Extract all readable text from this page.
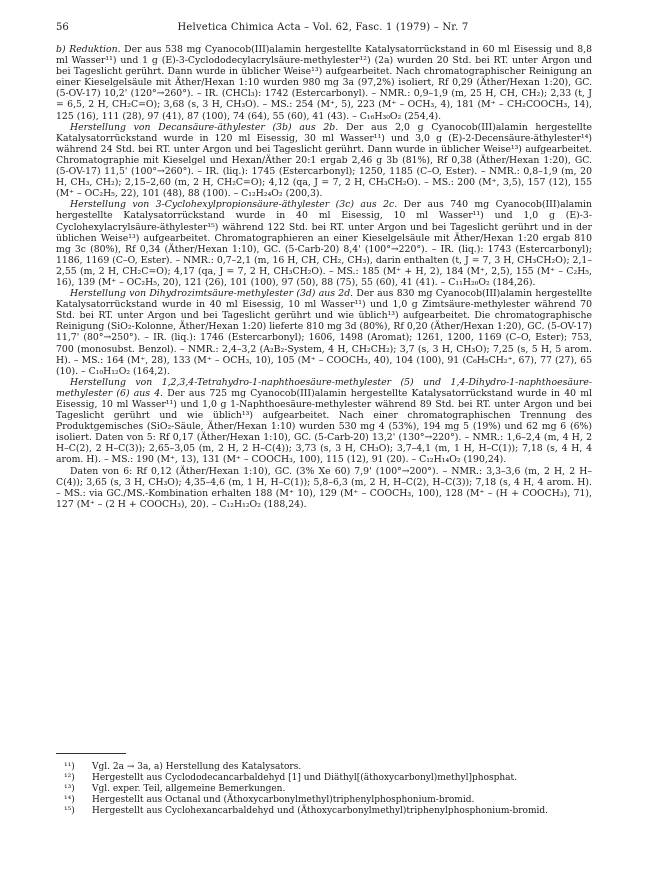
56	Helvetica Chimica Acta – Vol. 62, Fasc. 1 (1979) – Nr. 7

b) Reduktion. Der aus 538 mg Cyanocob(III)alamin hergestellte Katalysatorrückstand in 60 ml Eisessig und 8,8 ml Wasser¹¹) und 1 g (E)-3-Cyclododecylacrylsäure-methylester¹²) (2a) wurden 20 Std. bei RT. unter Argon und bei Tageslicht gerührt. Dann wurde in üblicher Weise¹³) aufgearbeitet. Nach chromatographischer Reinigung an einer Kieselgelsäule mit Äther/Hexan 1:10 wurden 980 mg 3a (97,2%) isoliert, Rf 0,29 (Äther/Hexan 1:20), GC. (5-OV-17) 10,2' (120°→260°). – IR. (CHCl₃): 1742 (Estercarbonyl). – NMR.: 0,9–1,9 (m, 25 H, CH, CH₂); 2,33 (t, J = 6,5, 2 H, CH₂C=O); 3,68 (s, 3 H, CH₃O). – MS.: 254 (M⁺, 5), 223 (M⁺ – OCH₃, 4), 181 (M⁺ – CH₂COOCH₃, 14), 125 (16), 111 (28), 97 (41), 87 (100), 74 (64), 55 (60), 41 (43). – C₁₆H₃₀O₂ (254,4).

Herstellung von Decansäure-äthylester (3b) aus 2b. Der aus 2,0 g Cyanocob(III)alamin hergestellte Katalysatorrückstand wurde in 120 ml Eisessig, 30 ml Wasser¹¹) und 3,0 g (E)-2-Decensäure-äthylester¹⁴) während 24 Std. bei RT. unter Argon und bei Tageslicht gerührt. Dann wurde in üblicher Weise¹³) aufgearbeitet. Chromatographie mit Kieselgel und Hexan/Äther 20:1 ergab 2,46 g 3b (81%), Rf 0,38 (Äther/Hexan 1:20), GC. (5-OV-17) 11,5' (100°→260°). – IR. (liq.): 1745 (Estercarbonyl); 1250, 1185 (C–O, Ester). – NMR.: 0,8–1,9 (m, 20 H, CH₃, CH₂); 2,15–2,60 (m, 2 H, CH₂C=O); 4,12 (qa, J = 7, 2 H, CH₃CH₂O). – MS.: 200 (M⁺, 3,5), 157 (12), 155 (M⁺ – OC₂H₅, 22), 101 (48), 88 (100). – C₁₂H₂₄O₂ (200,3).

Herstellung von 3-Cyclohexylpropionsäure-äthylester (3c) aus 2c. Der aus 740 mg Cyanocob(III)alamin hergestellte Katalysatorrückstand wurde in 40 ml Eisessig, 10 ml Wasser¹¹) und 1,0 g (E)-3-Cyclohexylacrylsäure-äthylester¹⁵) während 122 Std. bei RT. unter Argon und bei Tageslicht gerührt und in der üblichen Weise¹³) aufgearbeitet. Chromatographieren an einer Kieselgelsäule mit Äther/Hexan 1:20 ergab 810 mg 3c (80%), Rf 0,34 (Äther/Hexan 1:10), GC. (5-Carb-20) 8,4' (100°→220°). – IR. (liq.): 1743 (Estercarbonyl); 1186, 1169 (C–O, Ester). – NMR.: 0,7–2,1 (m, 16 H, CH, CH₂, CH₃), darin enthalten (t, J = 7, 3 H, CH₃CH₂O); 2,1–2,55 (m, 2 H, CH₂C=O); 4,17 (qa, J = 7, 2 H, CH₃CH₂O). – MS.: 185 (M⁺ + H, 2), 184 (M⁺, 2,5), 155 (M⁺ – C₂H₅, 16), 139 (M⁺ – OC₂H₅, 20), 121 (26), 101 (100), 97 (50), 88 (75), 55 (60), 41 (41). – C₁₁H₂₀O₂ (184,26).

Herstellung von Dihydrozimtsäure-methylester (3d) aus 2d. Der aus 830 mg Cyanocob(III)alamin hergestellte Katalysatorrückstand wurde in 40 ml Eisessig, 10 ml Wasser¹¹) und 1,0 g Zimtsäure-methylester während 70 Std. bei RT. unter Argon und bei Tageslicht gerührt und wie üblich¹³) aufgearbeitet. Die chromatographische Reinigung (SiO₂-Kolonne, Äther/Hexan 1:20) lieferte 810 mg 3d (80%), Rf 0,20 (Äther/Hexan 1:20), GC. (5-OV-17) 11,7' (80°→250°). – IR. (liq.): 1746 (Estercarbonyl); 1606, 1498 (Aromat); 1261, 1200, 1169 (C–O, Ester); 753, 700 (monosubst. Benzol). – NMR.: 2,4–3,2 (A₂B₂-System, 4 H, CH₂CH₂); 3,7 (s, 3 H, CH₃O); 7,25 (s, 5 H, 5 arom. H). – MS.: 164 (M⁺, 28), 133 (M⁺ – OCH₃, 10), 105 (M⁺ – COOCH₃, 40), 104 (100), 91 (C₆H₅CH₂⁺, 67), 77 (27), 65 (10). – C₁₀H₁₂O₂ (164,2).

Herstellung von 1,2,3,4-Tetrahydro-1-naphthoesäure-methylester (5) und 1,4-Dihydro-1-naphthoesäure-methylester (6) aus 4. Der aus 725 mg Cyanocob(III)alamin hergestellte Katalysatorrückstand wurde in 40 ml Eisessig, 10 ml Wasser¹¹) und 1,0 g 1-Naphthoesäure-methylester während 89 Std. bei RT. unter Argon und bei Tageslicht gerührt und wie üblich¹³) aufgearbeitet. Nach einer chromatographischen Trennung des Produktgemisches (SiO₂-Säule, Äther/Hexan 1:10) wurden 530 mg 4 (53%), 194 mg 5 (19%) und 62 mg 6 (6%) isoliert. Daten von 5: Rf 0,17 (Äther/Hexan 1:10), GC. (5-Carb-20) 13,2' (130°→220°). – NMR.: 1,6–2,4 (m, 4 H, 2 H–C(2), 2 H–C(3)); 2,65–3,05 (m, 2 H, 2 H–C(4)); 3,73 (s, 3 H, CH₃O); 3,7–4,1 (m, 1 H, H–C(1)); 7,18 (s, 4 H, 4 arom. H). – MS.: 190 (M⁺, 13), 131 (M⁺ – COOCH₃, 100), 115 (12), 91 (20). – C₁₂H₁₄O₂ (190,24).

Daten von 6: Rf 0,12 (Äther/Hexan 1:10), GC. (3% Xe 60) 7,9' (100°→200°). – NMR.: 3,3–3,6 (m, 2 H, 2 H–C(4)); 3,65 (s, 3 H, CH₃O); 4,35–4,6 (m, 1 H, H–C(1)); 5,8–6,3 (m, 2 H, H–C(2), H–C(3)); 7,18 (s, 4 H, 4 arom. H). – MS.: via GC./MS.-Kombination erhalten 188 (M⁺ 10), 129 (M⁺ – COOCH₃, 100), 128 (M⁺ – (H + COOCH₃), 71), 127 (M⁺ – (2 H + COOCH₃), 20). – C₁₂H₁₂O₂ (188,24).

¹¹) Vgl. 2a → 3a, a) Herstellung des Katalysators.
¹²) Hergestellt aus Cyclododecancarbaldehyd [1] und Diäthyl[(äthoxycarbonyl)methyl]phosphat.
¹³) Vgl. exper. Teil, allgemeine Bemerkungen.
¹⁴) Hergestellt aus Octanal und (Äthoxycarbonylmethyl)triphenylphosphonium-bromid.
¹⁵) Hergestellt aus Cyclohexancarbaldehyd und (Äthoxycarbonylmethyl)triphenylphosphonium-bromid.
